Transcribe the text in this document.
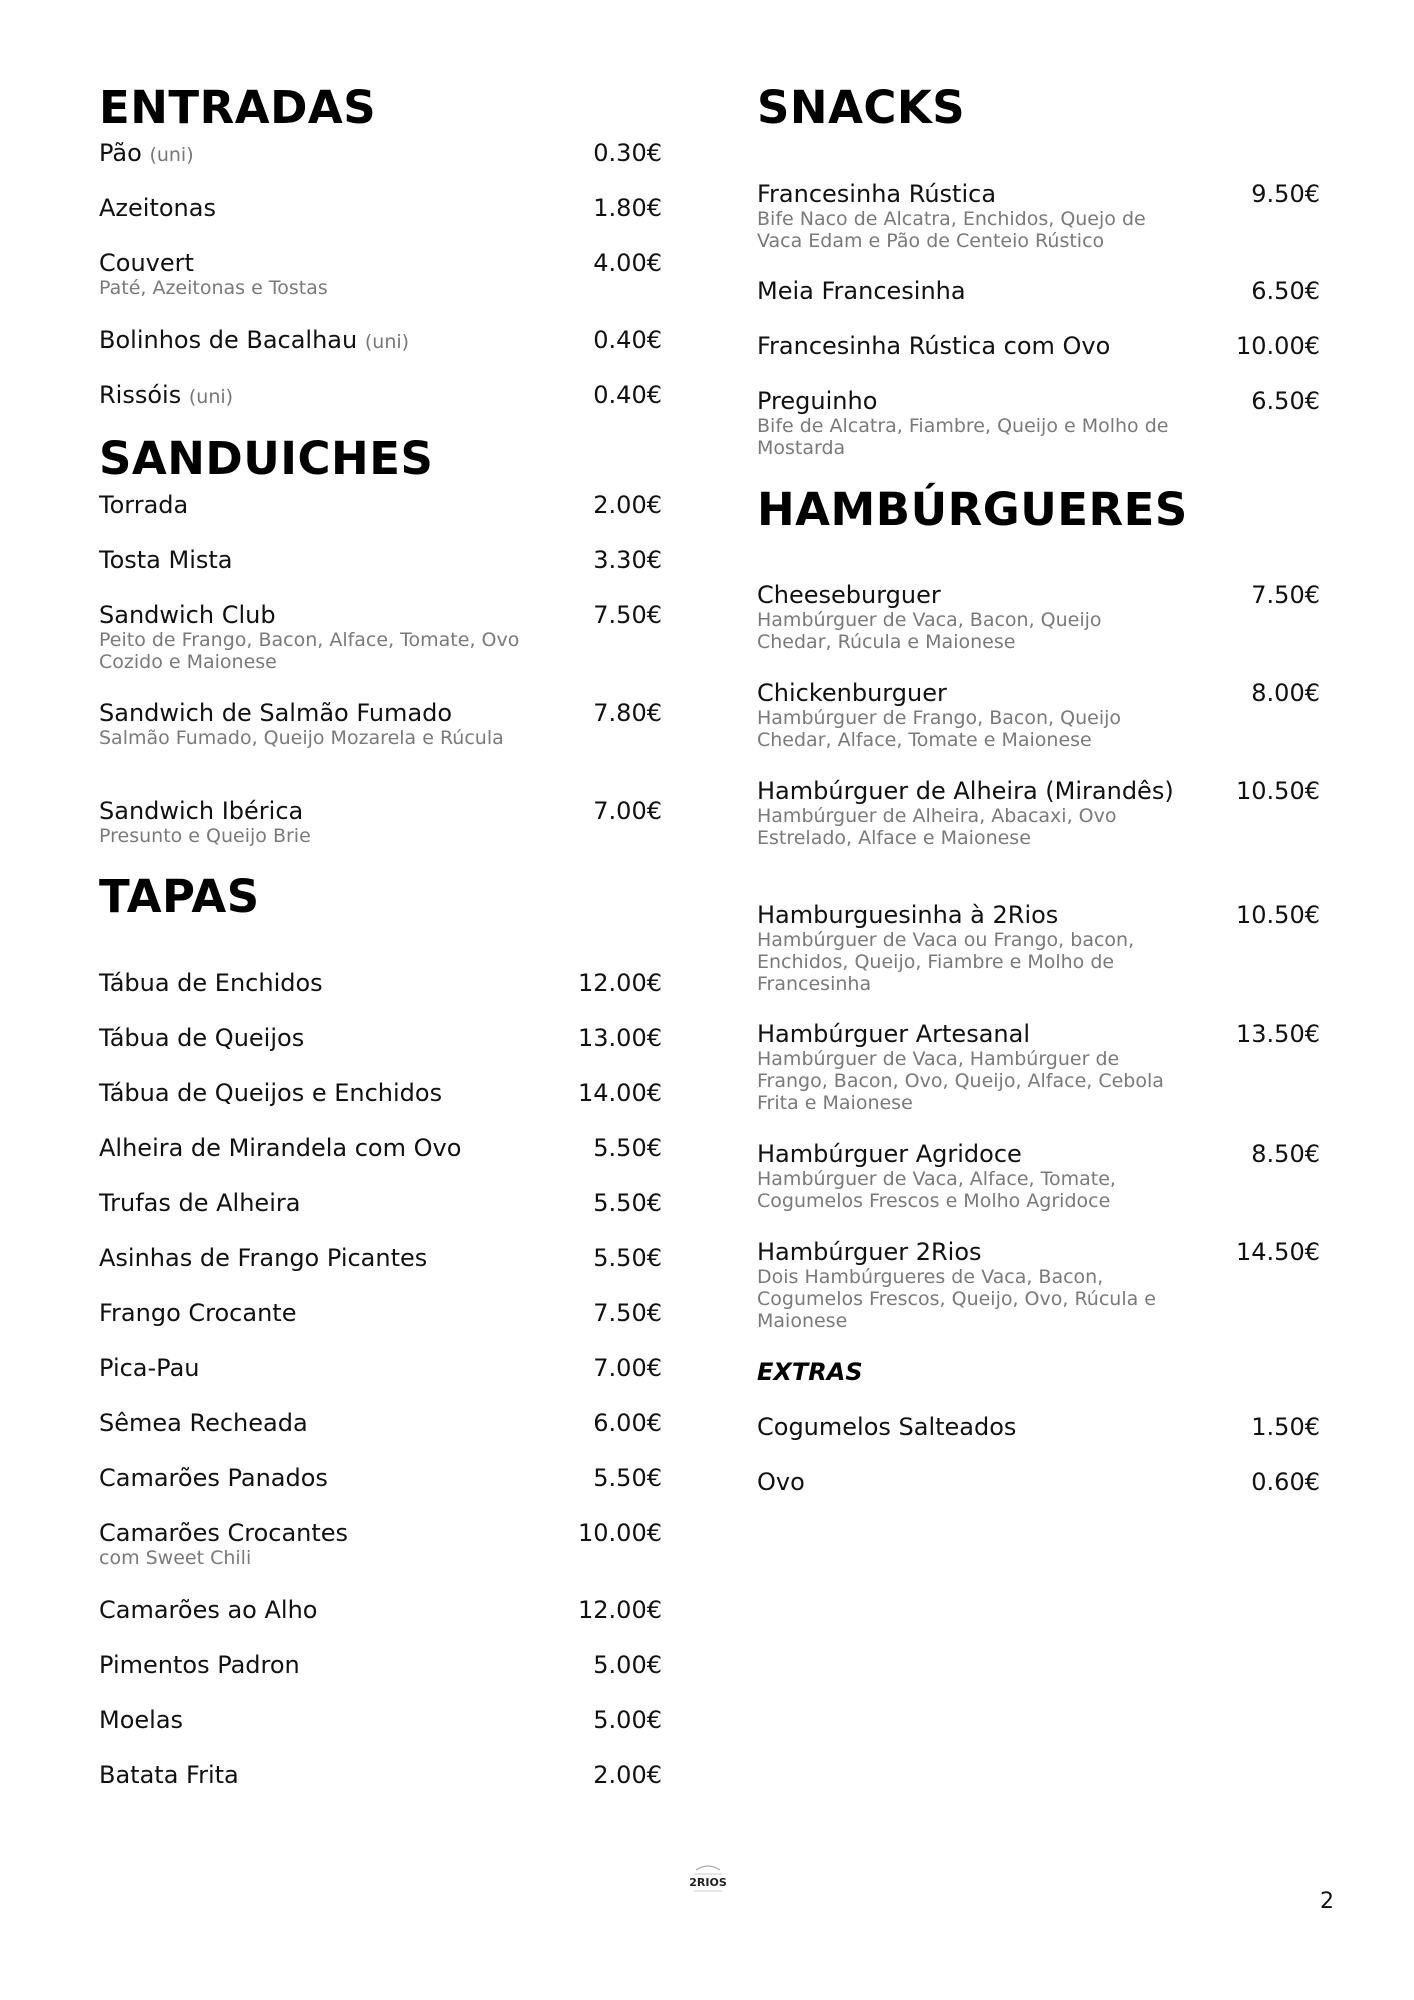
ENTRADAS
Pão (uni)	0.30€
Azeitonas	1.80€
Couvert	4.00€
Paté, Azeitonas e Tostas
Bolinhos de Bacalhau (uni)	0.40€
Rissóis (uni)	0.40€
SANDUICHES
Torrada	2.00€
Tosta Mista	3.30€
Sandwich Club	7.50€
Peito de Frango, Bacon, Alface, Tomate, Ovo Cozido e Maionese
Sandwich de Salmão Fumado	7.80€
Salmão Fumado, Queijo Mozarela e Rúcula
Sandwich Ibérica	7.00€
Presunto e Queijo Brie
TAPAS
Tábua de Enchidos	12.00€
Tábua de Queijos	13.00€
Tábua de Queijos e Enchidos	14.00€
Alheira de Mirandela com Ovo	5.50€
Trufas de Alheira	5.50€
Asinhas de Frango Picantes	5.50€
Frango Crocante	7.50€
Pica-Pau	7.00€
Sêmea Recheada	6.00€
Camarões Panados	5.50€
Camarões Crocantes	10.00€
com Sweet Chili
Camarões ao Alho	12.00€
Pimentos Padron	5.00€
Moelas	5.00€
Batata Frita	2.00€
SNACKS
Francesinha Rústica	9.50€
Bife Naco de Alcatra, Enchidos, Quejo de Vaca Edam e Pão de Centeio Rústico
Meia Francesinha	6.50€
Francesinha Rústica com Ovo	10.00€
Preguinho	6.50€
Bife de Alcatra, Fiambre, Queijo e Molho de Mostarda
HAMBÚRGUERES
Cheeseburguer	7.50€
Hambúrguer de Vaca, Bacon, Queijo Chedar, Rúcula e Maionese
Chickenburguer	8.00€
Hambúrguer de Frango, Bacon, Queijo Chedar, Alface, Tomate e Maionese
Hambúrguer de Alheira (Mirandês)	10.50€
Hambúrguer de Alheira, Abacaxi, Ovo Estrelado, Alface e Maionese
Hamburguesinha à 2Rios	10.50€
Hambúrguer de Vaca ou Frango, bacon, Enchidos, Queijo, Fiambre e Molho de Francesinha
Hambúrguer Artesanal	13.50€
Hambúrguer de Vaca, Hambúrguer de Frango, Bacon, Ovo, Queijo, Alface, Cebola Frita e Maionese
Hambúrguer Agridoce	8.50€
Hambúrguer de Vaca, Alface, Tomate, Cogumelos Frescos e Molho Agridoce
Hambúrguer 2Rios	14.50€
Dois Hambúrgueres de Vaca, Bacon, Cogumelos Frescos, Queijo, Ovo, Rúcula e Maionese
EXTRAS
Cogumelos Salteados	1.50€
Ovo	0.60€
2RIOS
2
